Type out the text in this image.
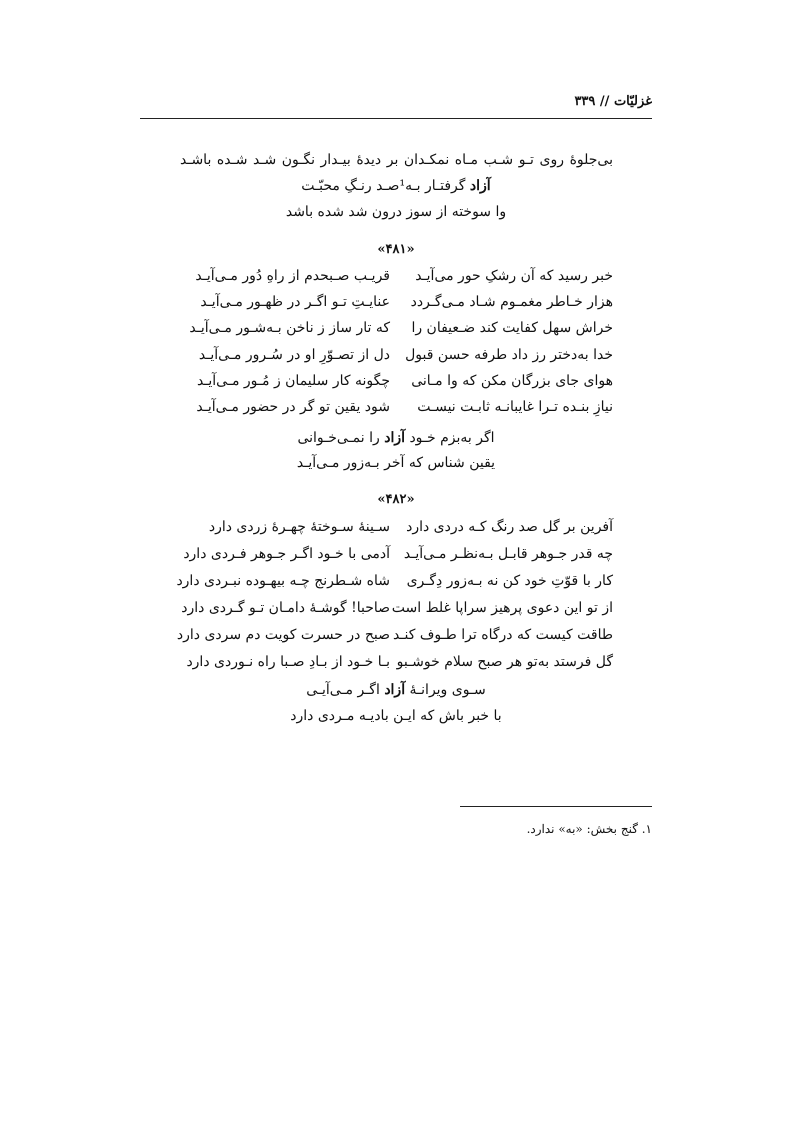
غزلیّات // ۳۳۹
بی‌جلوهٔ روی تـو شـب مـاه نمکـدان بر دیدهٔ بیـدار نگـون شـد شـده باشـد
آزاد گرفتـار بـه¹صـد رنـگِ محبّـت
وا سوخته از سوز درون شد شده باشد
«۴۸۱»
خبر رسید که آن رشکِ حور می‌آیـد
قریـب صـبحدم از راهِ دُور مـی‌آیـد
هزار خـاطر مغمـوم شـاد مـی‌گـردد
عنایـتِ تـو اگـر در ظهـور مـی‌آیـد
خراش سهل کفایت کند ضـعیفان را
که تار ساز ز ناخن بـه‌شـور مـی‌آیـد
خدا به‌دختر رز داد طرفه حسن قبول
دل از تصـوّرِ او در سُـرور مـی‌آیـد
هوای جای بزرگان مکن که وا مـانی
چگونه کار سلیمان ز مُـور مـی‌آیـد
نیازِ بنـده تـرا غایبانـه ثابـت نیسـت
شود یقین تو گر در حضور مـی‌آیـد
اگر به‌بزم خـود آزاد را نمـی‌خـوانی
یقین شناس که آخر بـه‌زور مـی‌آیـد
«۴۸۲»
آفرین بر گل صد رنگ کـه دردی دارد
سـینهٔ سـوختهٔ چهـرهٔ زردی دارد
چه قدر جـوهر قابـل بـه‌نظـر مـی‌آیـد
آدمی با خـود اگـر جـوهر فـردی دارد
کار با قوّتِ خود کن نه بـه‌زور دِگـری
شاه شـطرنج چـه بیهـوده نبـردی دارد
از تو این دعوی پرهیز سراپا غلط است
صاحبا! گوشـهٔ دامـان تـو گـردی دارد
طاقت کیست که درگاه ترا طـوف کنـد
صبح در حسرت کویت دم سردی دارد
گل فرستد به‌تو هر صبح سلام خوشـبو
بـا خـود از بـادِ صـبا راه نـوردی دارد
سـوی ویرانـهٔ آزاد اگـر مـی‌آیـی
با خبر باش که ایـن بادیـه مـردی دارد
۱. گنج بخش: «به» ندارد.
